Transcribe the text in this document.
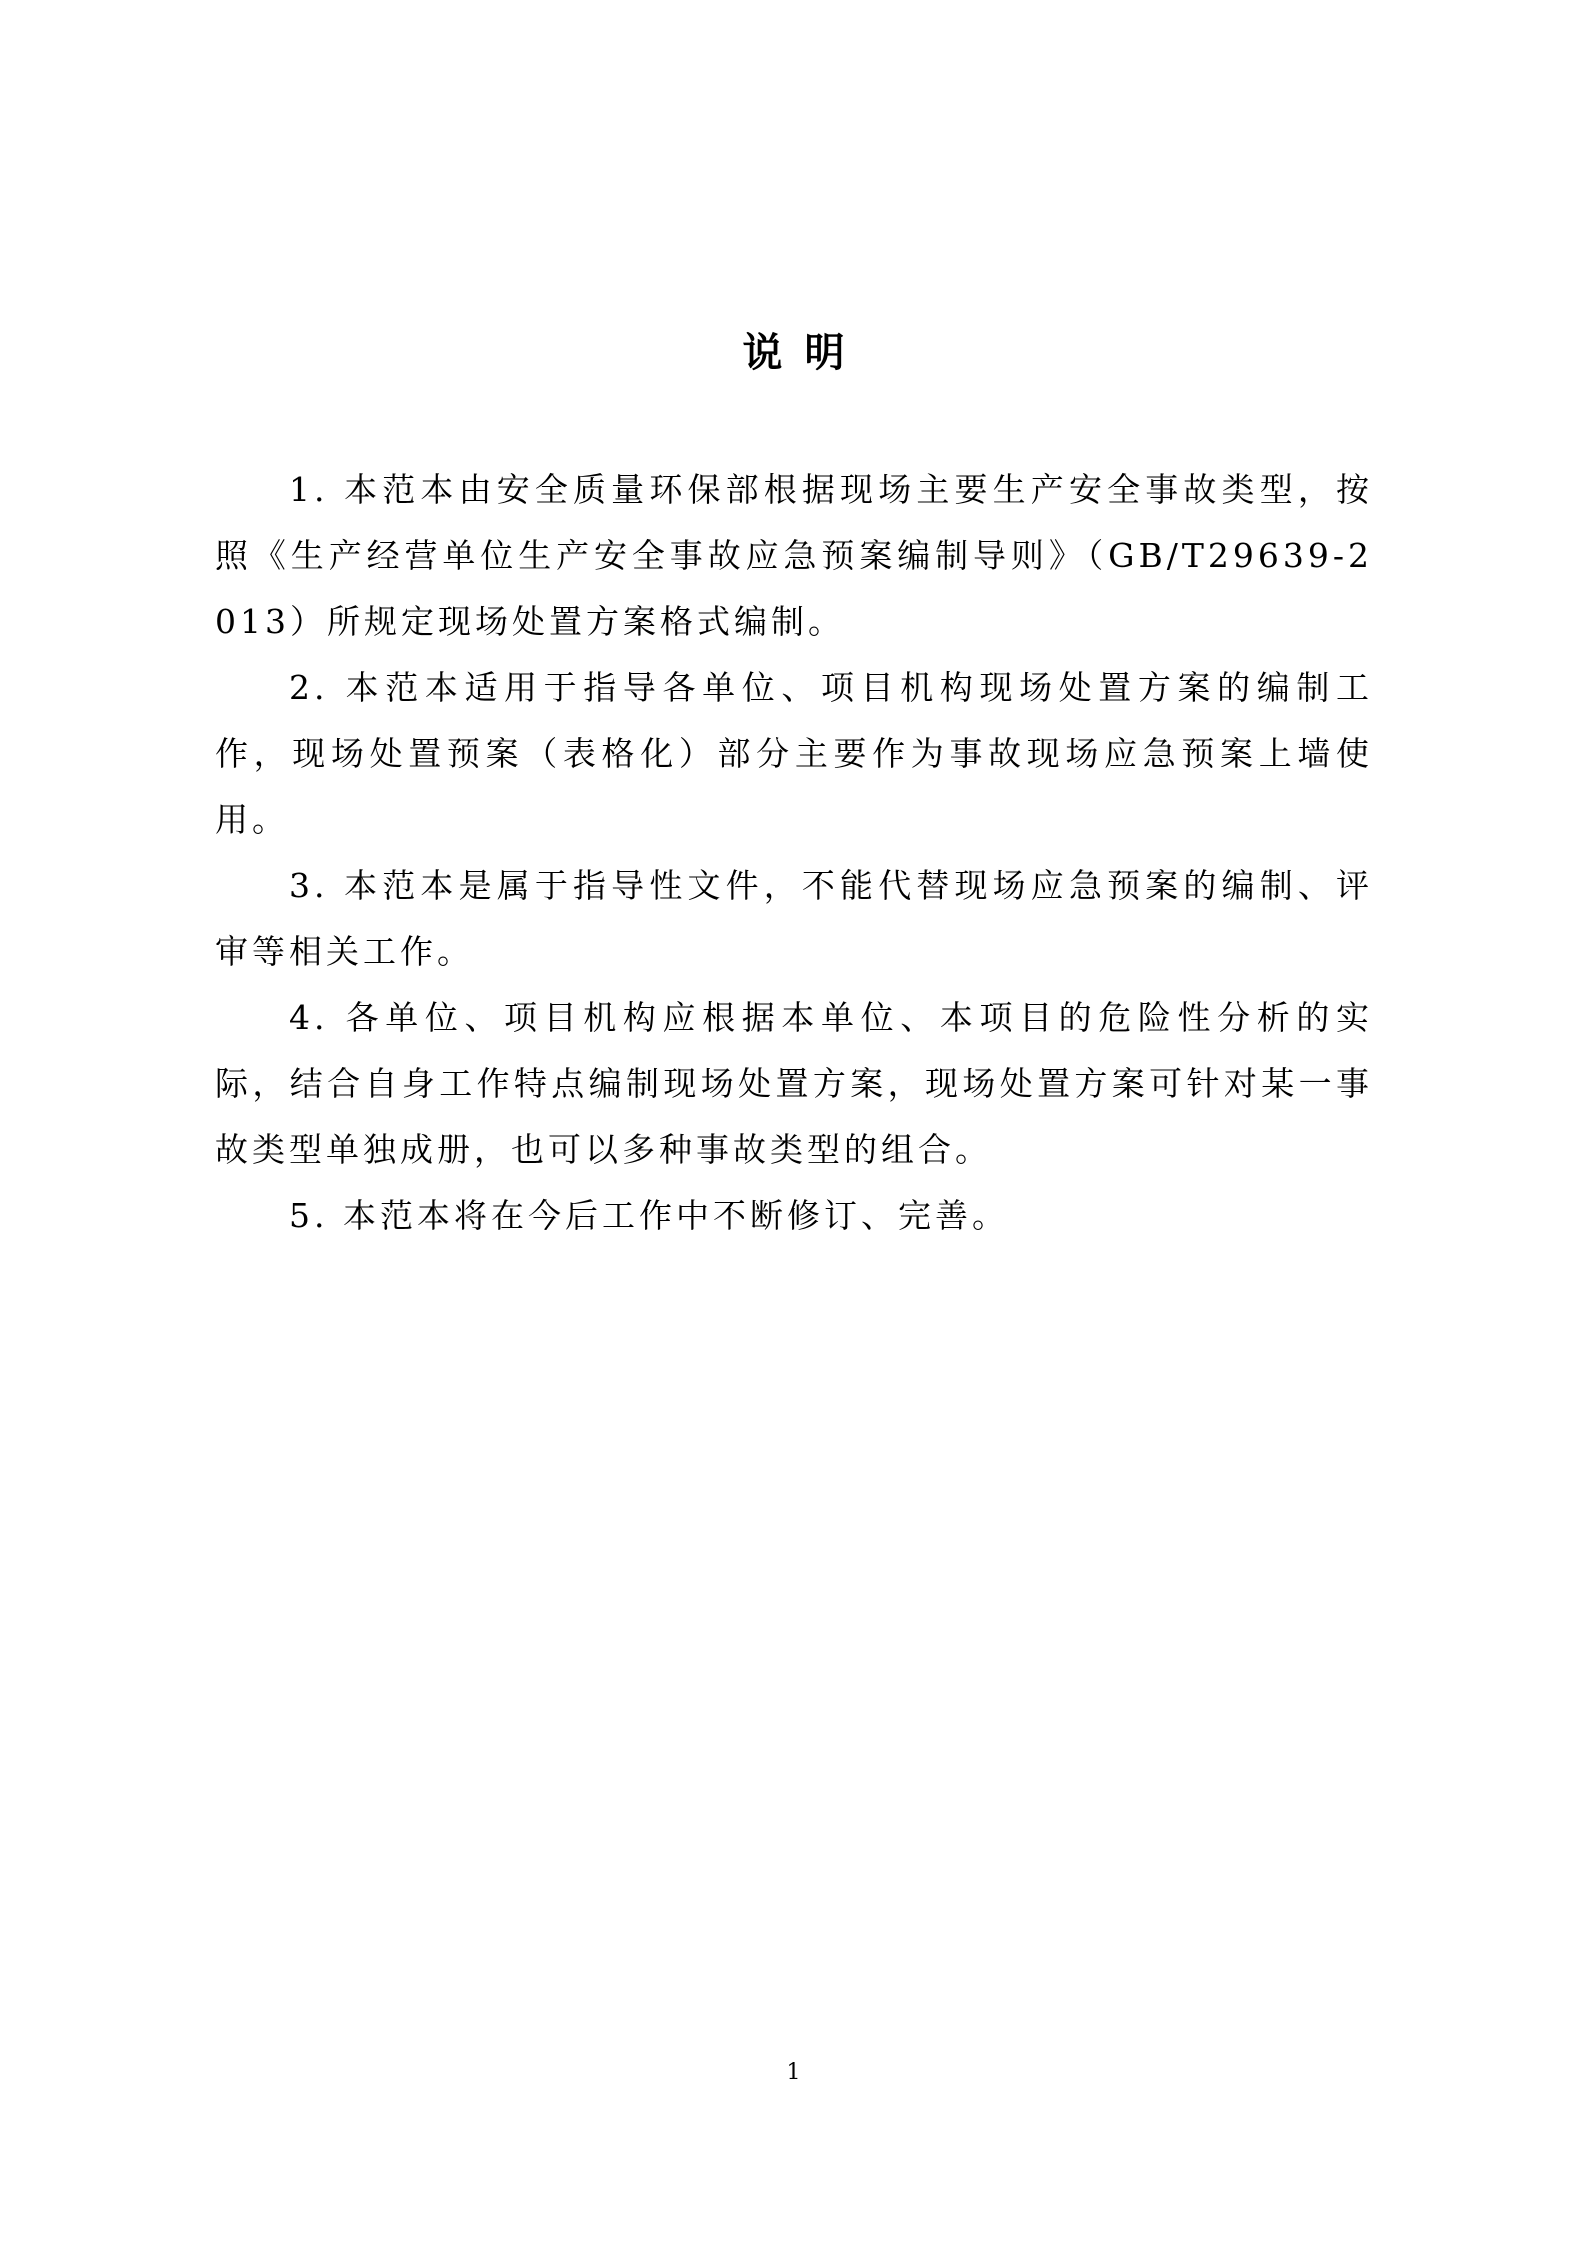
说明

1. 本范本由安全质量环保部根据现场主要生产安全事故类型，按照《生产经营单位生产安全事故应急预案编制导则》（GB/T29639-2013）所规定现场处置方案格式编制。

2. 本范本适用于指导各单位、项目机构现场处置方案的编制工作，现场处置预案（表格化）部分主要作为事故现场应急预案上墙使用。

3. 本范本是属于指导性文件，不能代替现场应急预案的编制、评审等相关工作。

4. 各单位、项目机构应根据本单位、本项目的危险性分析的实际，结合自身工作特点编制现场处置方案，现场处置方案可针对某一事故类型单独成册，也可以多种事故类型的组合。

5. 本范本将在今后工作中不断修订、完善。

1
